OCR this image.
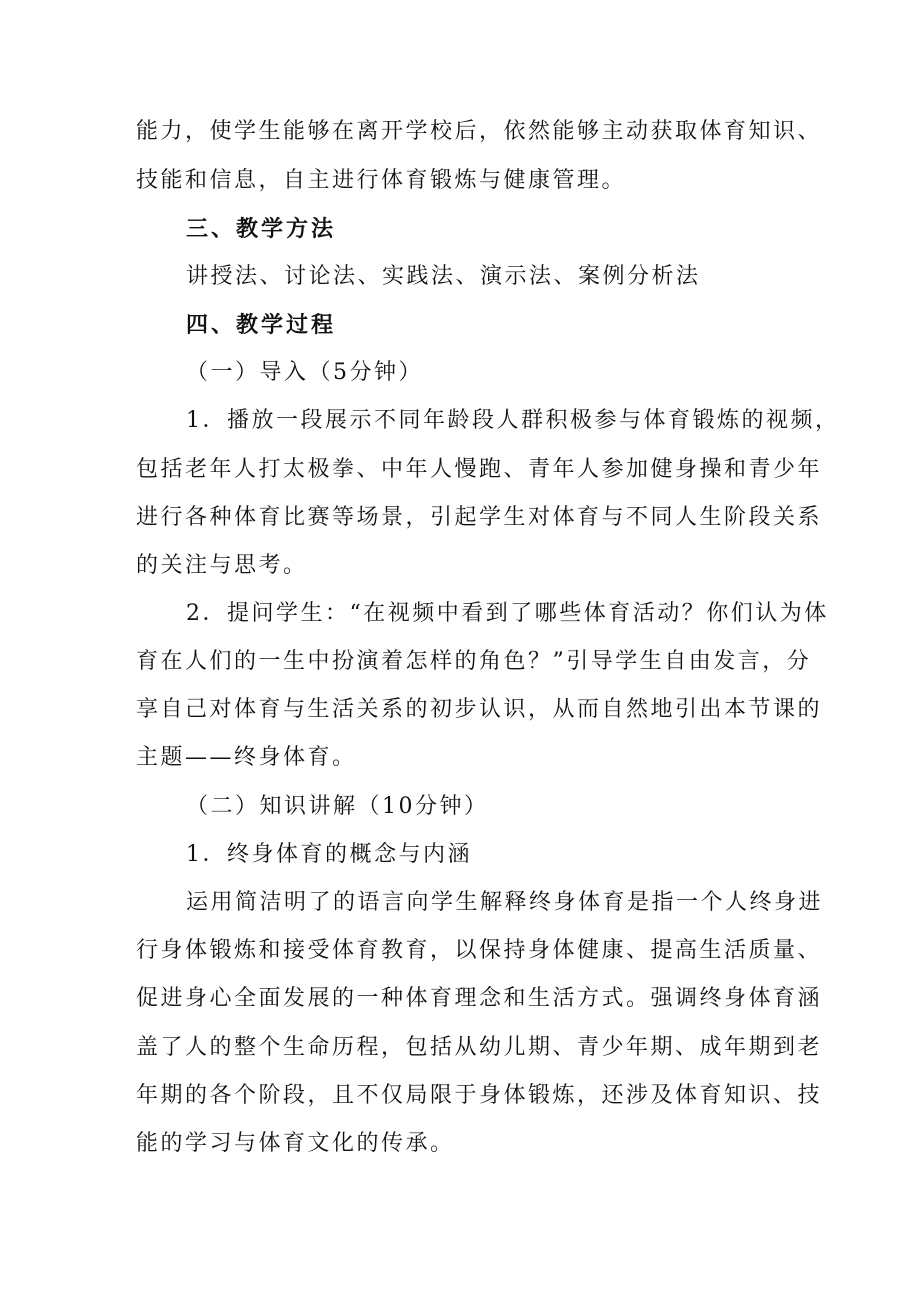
能力，使学生能够在离开学校后，依然能够主动获取体育知识、
技能和信息，自主进行体育锻炼与健康管理。
三、教学方法
讲授法、讨论法、实践法、演示法、案例分析法
四、教学过程
（一）导入（5分钟）
1．播放一段展示不同年龄段人群积极参与体育锻炼的视频，
包括老年人打太极拳、中年人慢跑、青年人参加健身操和青少年
进行各种体育比赛等场景，引起学生对体育与不同人生阶段关系
的关注与思考。
2．提问学生：“在视频中看到了哪些体育活动？你们认为体
育在人们的一生中扮演着怎样的角色？”引导学生自由发言，分
享自己对体育与生活关系的初步认识，从而自然地引出本节课的
主题——终身体育。
（二）知识讲解（10分钟）
1．终身体育的概念与内涵
运用简洁明了的语言向学生解释终身体育是指一个人终身进
行身体锻炼和接受体育教育，以保持身体健康、提高生活质量、
促进身心全面发展的一种体育理念和生活方式。强调终身体育涵
盖了人的整个生命历程，包括从幼儿期、青少年期、成年期到老
年期的各个阶段，且不仅局限于身体锻炼，还涉及体育知识、技
能的学习与体育文化的传承。
